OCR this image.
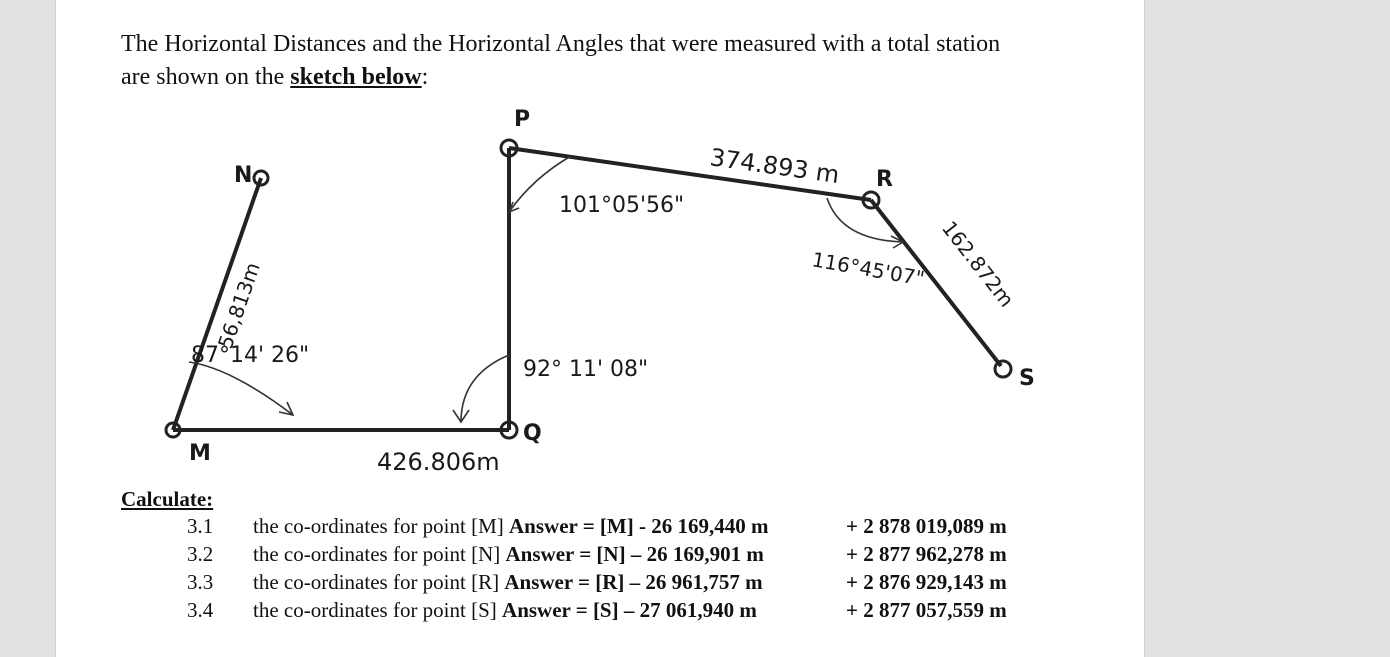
The Horizontal Distances and the Horizontal Angles that were measured with a total station
are shown on the sketch below:
M
N
Q
P
R
S
56,813m
374.893 m
162.872m
426.806m
87°14' 26"
92° 11' 08"
101°05'56"
116°45'07"
Calculate:
3.1 the co-ordinates for point [M] Answer = [M] - 26 169,440 m	+ 2 878 019,089 m
3.2 the co-ordinates for point [N] Answer = [N] – 26 169,901 m	+ 2 877 962,278 m
3.3 the co-ordinates for point [R] Answer = [R] – 26 961,757 m	+ 2 876 929,143 m
3.4 the co-ordinates for point [S] Answer = [S] – 27 061,940 m	+ 2 877 057,559 m
